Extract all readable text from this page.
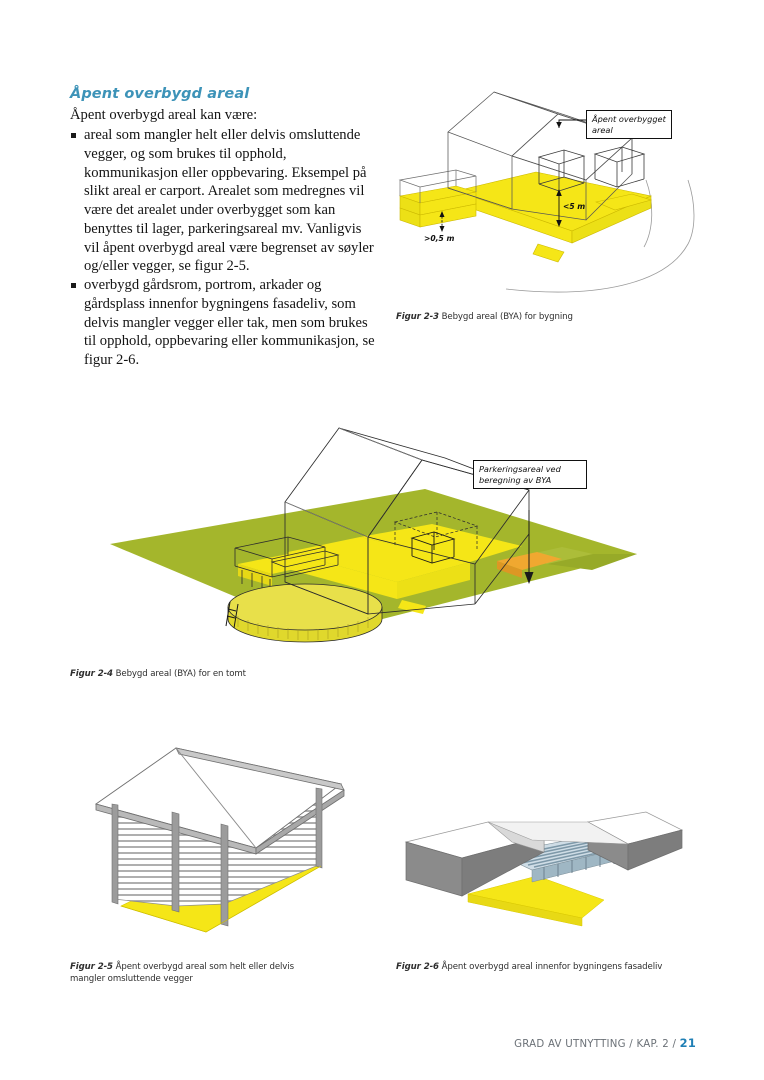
Åpent overbygd areal

Åpent overbygd areal kan være:

areal som mangler helt eller delvis omsluttende vegger, og som brukes til opphold, kommunikasjon eller oppbevaring. Eksempel på slikt areal er carport. Arealet som medregnes vil være det arealet under overbygget som kan benyttes til lager, parkeringsareal mv. Vanligvis vil åpent overbygd areal være begrenset av søyler og/eller vegger, se figur 2-5.
overbygd gårdsrom, portrom, arkader og gårdsplass innenfor bygningens fasadeliv, som delvis mangler vegger eller tak, men som brukes til opphold, oppbevaring eller kommunikasjon, se figur 2-6.
Åpent overbygget
areal
>0,5 m
<5 m
Figur 2-3 Bebygd areal (BYA) for bygning
Parkeringsareal ved
beregning av BYA
Figur 2-4 Bebygd areal (BYA) for en tomt
Figur 2-5 Åpent overbygd areal som helt eller delvis mangler omsluttende vegger
Figur 2-6 Åpent overbygd areal innenfor bygningens fasadeliv
GRAD AV UTNYTTING / KAP. 2 / 21
